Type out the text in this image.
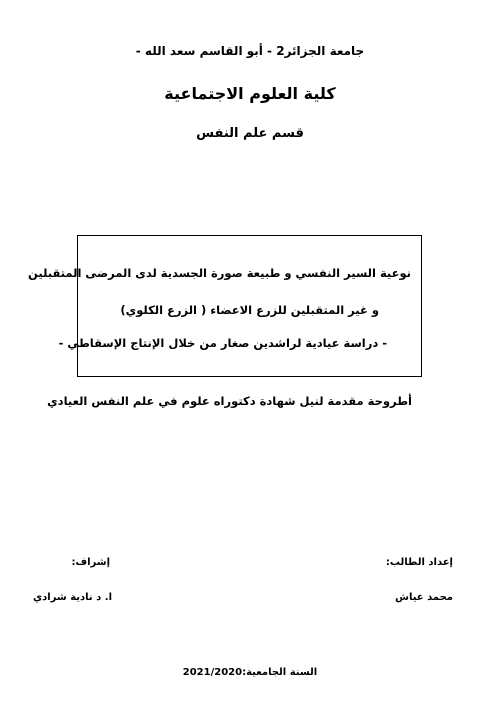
جامعة الجزائر2 - أبو القاسم سعد الله -
كلية العلوم الاجتماعية
قسم علم النفس
نوعية السير النفسي و طبيعة صورة الجسدية لدى المرضى المتقبلين
و غير المتقبلين للزرع الاعضاء ( الزرع الكلوي)
- دراسة عيادية لراشدين صغار من خلال الإنتاج الإسقاطي -
أطروحة مقدمة لنيل شهادة دكتوراه علوم في علم النفس العيادي
إعداد الطالب:
محمد عياش
إشراف:
ا. د نادية شرادي
السنة الجامعية:2021/2020
